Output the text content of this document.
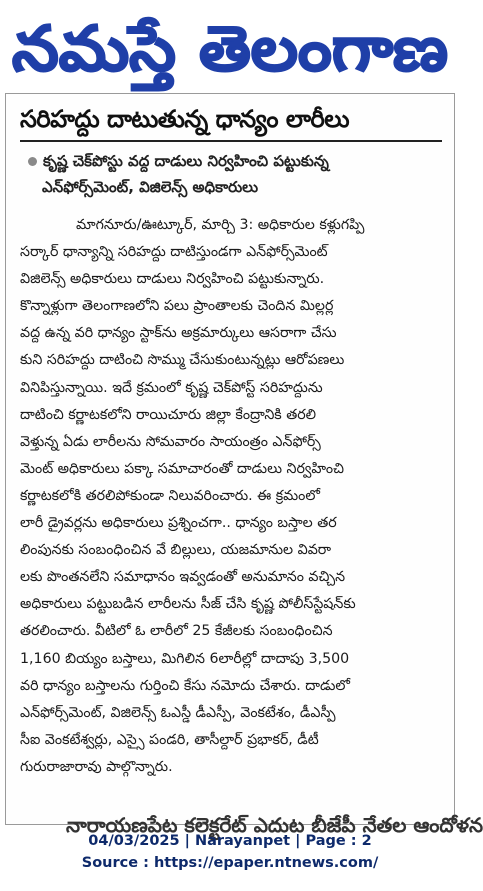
నమస్తే తెలంగాణ
సరిహద్దు దాటుతున్న ధాన్యం లారీలు
కృష్ణ చెక్‌పోస్టు వద్ద దాడులు నిర్వహించి పట్టుకున్న
ఎన్‌ఫోర్స్‌మెంట్, విజిలెన్స్ అధికారులు
మాగనూరు/ఊట్కూర్, మార్చి 3: అధికారుల కళ్లుగప్పి
సర్కార్ ధాన్యాన్ని సరిహద్దు దాటిస్తుండగా ఎన్‌ఫోర్స్‌మెంట్
విజిలెన్స్ అధికారులు దాడులు నిర్వహించి పట్టుకున్నారు.
కొన్నాళ్లుగా తెలంగాణలోని పలు ప్రాంతాలకు చెందిన మిల్లర్ల
వద్ద ఉన్న వరి ధాన్యం స్టాక్‌ను అక్రమార్కులు ఆసరాగా చేసు
కుని సరిహద్దు దాటించి సొమ్ము చేసుకుంటున్నట్లు ఆరోపణలు
వినిపిస్తున్నాయి. ఇదే క్రమంలో కృష్ణ చెక్‌పోస్ట్ సరిహద్దును
దాటించి కర్ణాటకలోని రాయిచూరు జిల్లా కేంద్రానికి తరలి
వెళ్తున్న ఏడు లారీలను సోమవారం సాయంత్రం ఎన్‌ఫోర్స్
మెంట్ అధికారులు పక్కా సమాచారంతో దాడులు నిర్వహించి
కర్ణాటకలోకి తరలిపోకుండా నిలువరించారు. ఈ క్రమంలో
లారీ డ్రైవర్లను అధికారులు ప్రశ్నించగా.. ధాన్యం బస్తాల తర
లింపునకు సంబంధించిన వే బిల్లులు, యజమానుల వివరా
లకు పొంతనలేని సమాధానం ఇవ్వడంతో అనుమానం వచ్చిన
అధికారులు పట్టుబడిన లారీలను సీజ్ చేసి కృష్ణ పోలీస్‌స్టేషన్‌కు
తరలించారు. వీటిలో ఓ లారీలో 25 కేజీలకు సంబంధించిన
1,160 బియ్యం బస్తాలు, మిగిలిన 6లారీల్లో దాదాపు 3,500
వరి ధాన్యం బస్తాలను గుర్తించి కేసు నమోదు చేశారు. దాడులో
ఎన్‌ఫోర్స్‌మెంట్, విజిలెన్స్ ఓఎస్డీ డీఎస్పీ, వెంకటేశం, డీఎస్పీ
సీఐ వెంకటేశ్వర్లు, ఎస్సై పండరి, తాసీల్దార్ ప్రభాకర్, డీటీ
గురురాజారావు పాల్గొన్నారు.
నారాయణపేట కలెక్టరేట్ ఎదుట బీజేపీ నేతల ఆందోళన
04/03/2025 | Narayanpet | Page : 2
Source : https://epaper.ntnews.com/
